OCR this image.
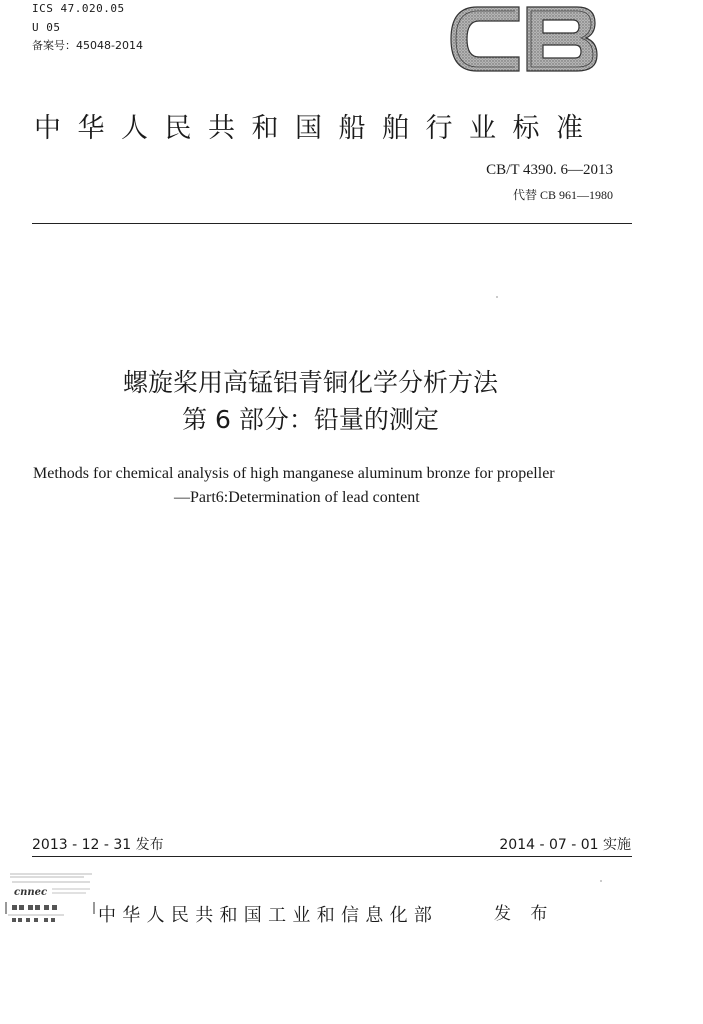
ICS 47.020.05
U 05
备案号：45048-2014
中华人民共和国船舶行业标准
CB/T 4390. 6—2013
代替 CB 961—1980
螺旋桨用高锰铝青铜化学分析方法
第 6 部分：铅量的测定
Methods for chemical analysis of high manganese aluminum bronze for propeller
—Part6:Determination of lead content
2013 - 12 - 31 发布	2014 - 07 - 01 实施
cnnec
中华人民共和国工业和信息化部	发 布
